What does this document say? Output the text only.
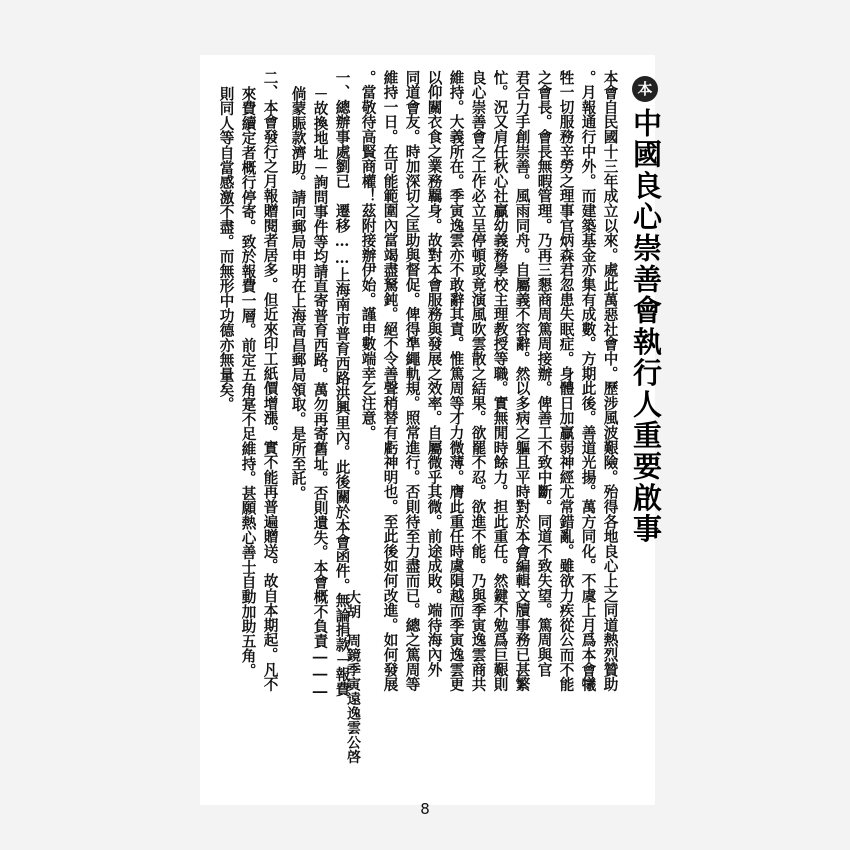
本
中國良心崇善會執行人重要啟事
本會自民國十三年成立以來。處此萬惡社會中。歷涉風波艱險。殆得各地良心上之同道熱烈贊助
。月報通行中外。而建築基金亦集有成數。方期此後。善道光揚。萬方同化。不虞上月爲本會犧
牲一切服務辛勞之理事官炳森君忽患失眠症。身體日加贏弱神經尤常錯亂。雖欲力疾從公而不能
之會長。會長無暇管理。乃再三懇商周篤周接辦。俾善工不致中斷。同道不致失望。篤周與官
君合力手創崇善。風雨同舟。自屬義不容辭。然以多病之軀且平時對於本會編輯文牘事務已甚繁
忙。況又肩任秋心社贏幼義務學校主理教授等職。實無閒時餘力。担此重任。然鍵不勉爲巨艱則
良心崇善會之工作必立呈停頓或竟演風吹雲散之結果。欲罷不忍。欲進不能。乃與季寅逸雲商共
維持。大義所在。季寅逸雲亦不敢辭其責。惟篤周等才力微薄。膺此重任時虞隕越而季寅逸雲更
以仰關衣食之業務羈身。故對本會服務與發展之效率。自屬微乎其微。前途成敗。端待海內外
同道會友。時加深切之匡助與督促。俾得準繩軌規。照常進行。否則待至力盡而已。總之篤周等
維持一日。在可能範圍內當竭盡駑鈍。絕不令善聲稍替有虧神明也。至此後如何改進。如何發展
。當敬待高賢商權！茲附接辦伊始。謹申數端幸乞注意。
大胡　周鏡季寅遠逸雲公啓
一、總辦事處劉已　遷移……上海南市普育西路洪興里內。此後關於本會函件。無論捐款－報費
－故換地址－詢問事件等均請直寄普育西路。萬勿再寄舊址。否則遺失。本會概不負責―――
倘蒙賑款濟助。請向郵局申明在上海高昌郵局領取。是所至託。
二、本會發行之月報贈閱者居多。但近來印工紙價增漲。實不能再普遍贈送。故自本期起。凡不
來費續定者概行停寄。致於報費一層。前定五角寔不足維持。甚願熱心善士自動加助五角。
則同人等自當感激不盡。而無形中功德亦無量矣。
8
